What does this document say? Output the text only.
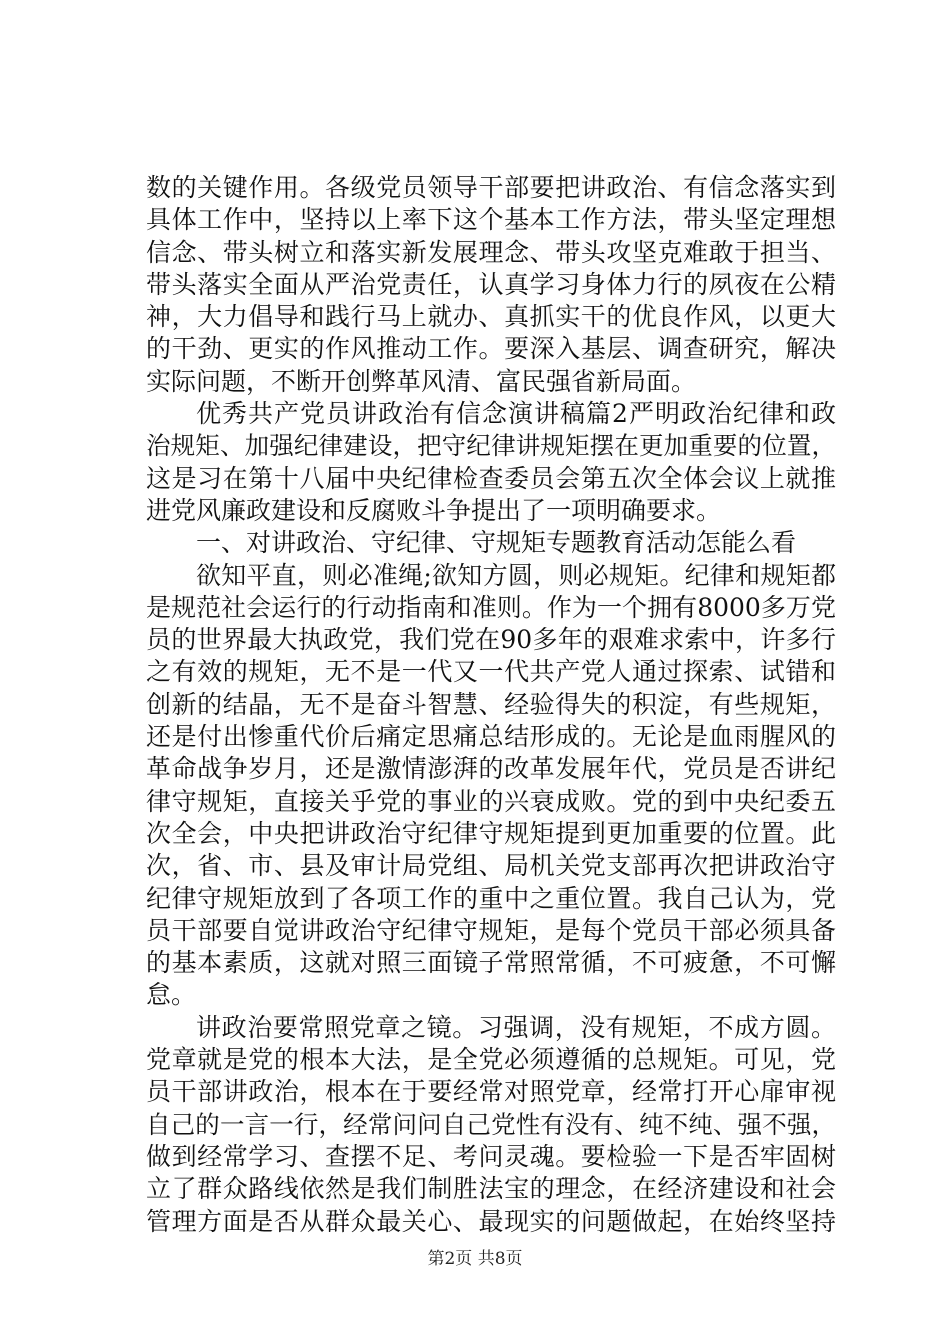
数的关键作用。各级党员领导干部要把讲政治、有信念落实到
具体工作中，坚持以上率下这个基本工作方法，带头坚定理想
信念、带头树立和落实新发展理念、带头攻坚克难敢于担当、
带头落实全面从严治党责任，认真学习身体力行的夙夜在公精
神，大力倡导和践行马上就办、真抓实干的优良作风，以更大
的干劲、更实的作风推动工作。要深入基层、调查研究，解决
实际问题，不断开创弊革风清、富民强省新局面。
优秀共产党员讲政治有信念演讲稿篇2严明政治纪律和政
治规矩、加强纪律建设，把守纪律讲规矩摆在更加重要的位置，
这是习在第十八届中央纪律检查委员会第五次全体会议上就推
进党风廉政建设和反腐败斗争提出了一项明确要求。
一、对讲政治、守纪律、守规矩专题教育活动怎能么看
欲知平直，则必准绳;欲知方圆，则必规矩。纪律和规矩都
是规范社会运行的行动指南和准则。作为一个拥有8000多万党
员的世界最大执政党，我们党在90多年的艰难求索中，许多行
之有效的规矩，无不是一代又一代共产党人通过探索、试错和
创新的结晶，无不是奋斗智慧、经验得失的积淀，有些规矩，
还是付出惨重代价后痛定思痛总结形成的。无论是血雨腥风的
革命战争岁月，还是激情澎湃的改革发展年代，党员是否讲纪
律守规矩，直接关乎党的事业的兴衰成败。党的到中央纪委五
次全会，中央把讲政治守纪律守规矩提到更加重要的位置。此
次，省、市、县及审计局党组、局机关党支部再次把讲政治守
纪律守规矩放到了各项工作的重中之重位置。我自己认为，党
员干部要自觉讲政治守纪律守规矩，是每个党员干部必须具备
的基本素质，这就对照三面镜子常照常循，不可疲惫，不可懈
怠。
讲政治要常照党章之镜。习强调，没有规矩，不成方圆。
党章就是党的根本大法，是全党必须遵循的总规矩。可见，党
员干部讲政治，根本在于要经常对照党章，经常打开心扉审视
自己的一言一行，经常问问自己党性有没有、纯不纯、强不强，
做到经常学习、查摆不足、考问灵魂。要检验一下是否牢固树
立了群众路线依然是我们制胜法宝的理念，在经济建设和社会
管理方面是否从群众最关心、最现实的问题做起，在始终坚持
第2页 共8页
